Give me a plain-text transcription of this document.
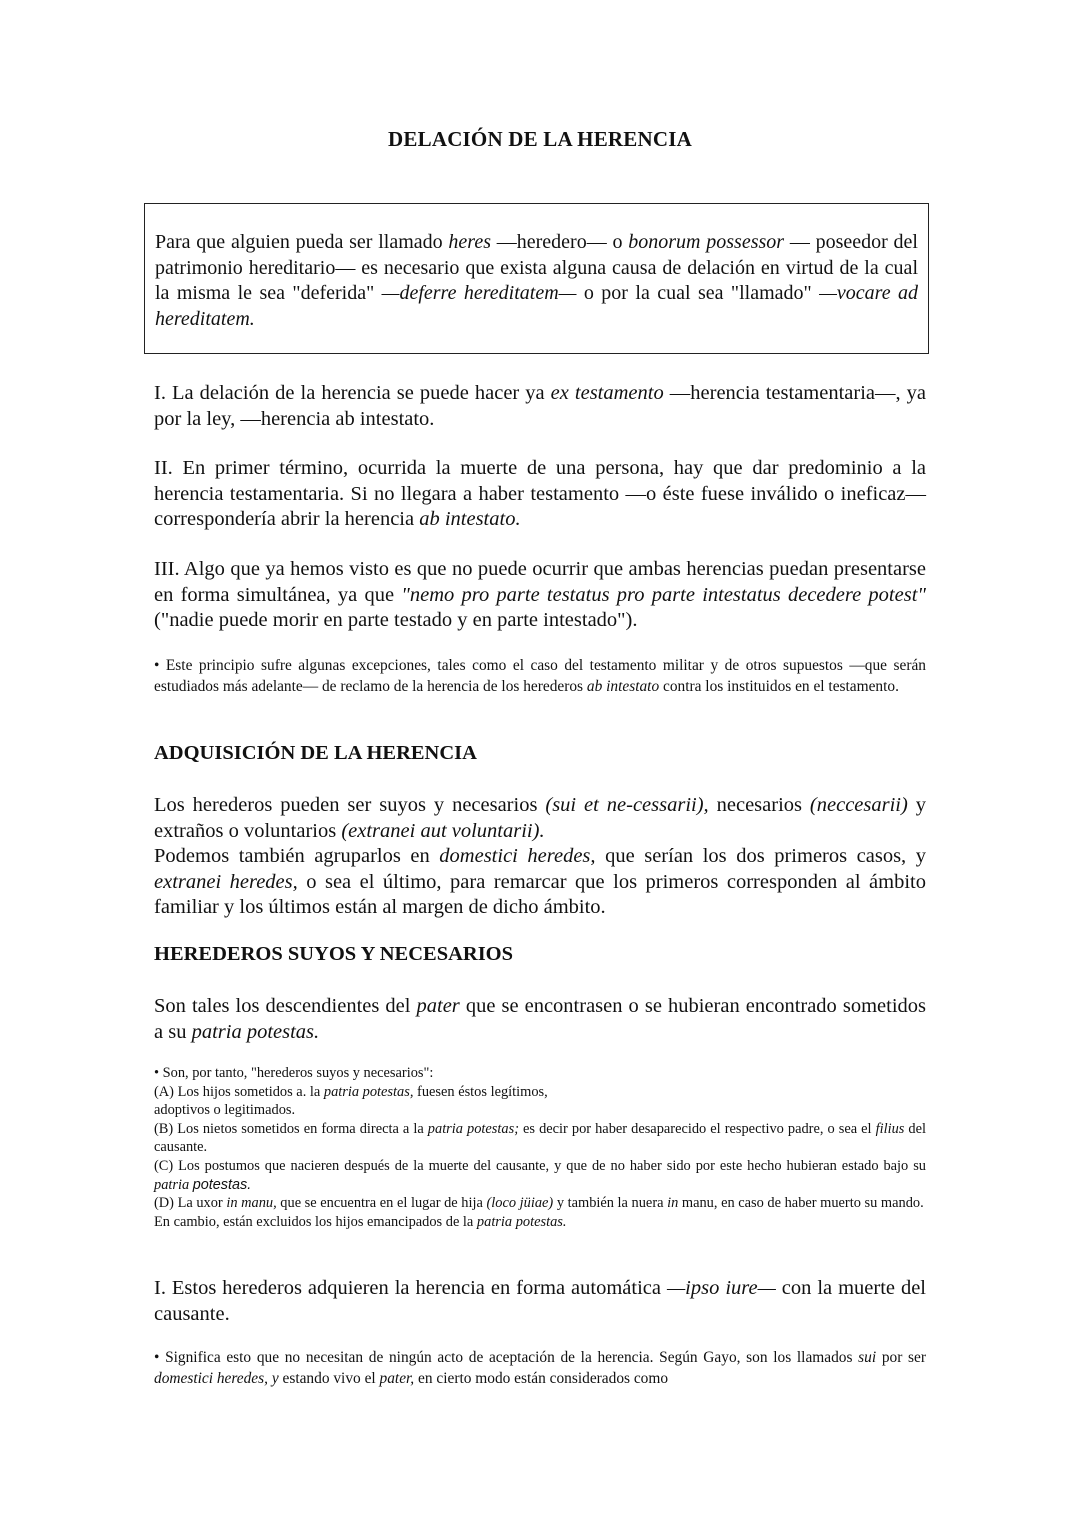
DELACIÓN DE LA HERENCIA

Para que alguien pueda ser llamado heres —heredero— o bonorum possessor — poseedor del patrimonio hereditario— es necesario que exista alguna causa de delación en virtud de la cual la misma le sea "deferida" —deferre hereditatem— o por la cual sea "llamado" —vocare ad hereditatem.

I. La delación de la herencia se puede hacer ya ex testamento —herencia testamentaria—, ya por la ley, —herencia ab intestato.

II. En primer término, ocurrida la muerte de una persona, hay que dar predominio a la herencia testamentaria. Si no llegara a haber testamento —o éste fuese inválido o ineficaz— correspondería abrir la herencia ab intestato.

III. Algo que ya hemos visto es que no puede ocurrir que ambas herencias puedan presentarse en forma simultánea, ya que "nemo pro parte testatus pro parte intestatus decedere potest" ("nadie puede morir en parte testado y en parte intestado").

• Este principio sufre algunas excepciones, tales como el caso del testamento militar y de otros supuestos —que serán estudiados más adelante— de reclamo de la herencia de los herederos ab intestato contra los instituidos en el testamento.

ADQUISICIÓN DE LA HERENCIA

Los herederos pueden ser suyos y necesarios (sui et ne-cessarii), necesarios (neccesarii) y extraños o voluntarios (extranei aut voluntarii).
Podemos también agruparlos en domestici heredes, que serían los dos primeros casos, y extranei heredes, o sea el último, para remarcar que los primeros corresponden al ámbito familiar y los últimos están al margen de dicho ámbito.

HEREDEROS SUYOS Y NECESARIOS

Son tales los descendientes del pater que se encontrasen o se hubieran encontrado sometidos a su patria potestas.

• Son, por tanto, "herederos suyos y necesarios":
(A) Los hijos sometidos a. la patria potestas, fuesen éstos legítimos,
adoptivos o legitimados.
(B) Los nietos sometidos en forma directa a la patria potestas; es decir por haber desaparecido el respectivo padre, o sea el filius del causante.
(C) Los postumos que nacieren después de la muerte del causante, y que de no haber sido por este hecho hubieran estado bajo su patria potestas.
(D) La uxor in manu, que se encuentra en el lugar de hija (loco jüiae) y también la nuera in manu, en caso de haber muerto su mando.
En cambio, están excluidos los hijos emancipados de la patria potestas.

I. Estos herederos adquieren la herencia en forma automática —ipso iure— con la muerte del causante.

• Significa esto que no necesitan de ningún acto de aceptación de la herencia. Según Gayo, son los llamados sui por ser domestici heredes, y estando vivo el pater, en cierto modo están considerados como
